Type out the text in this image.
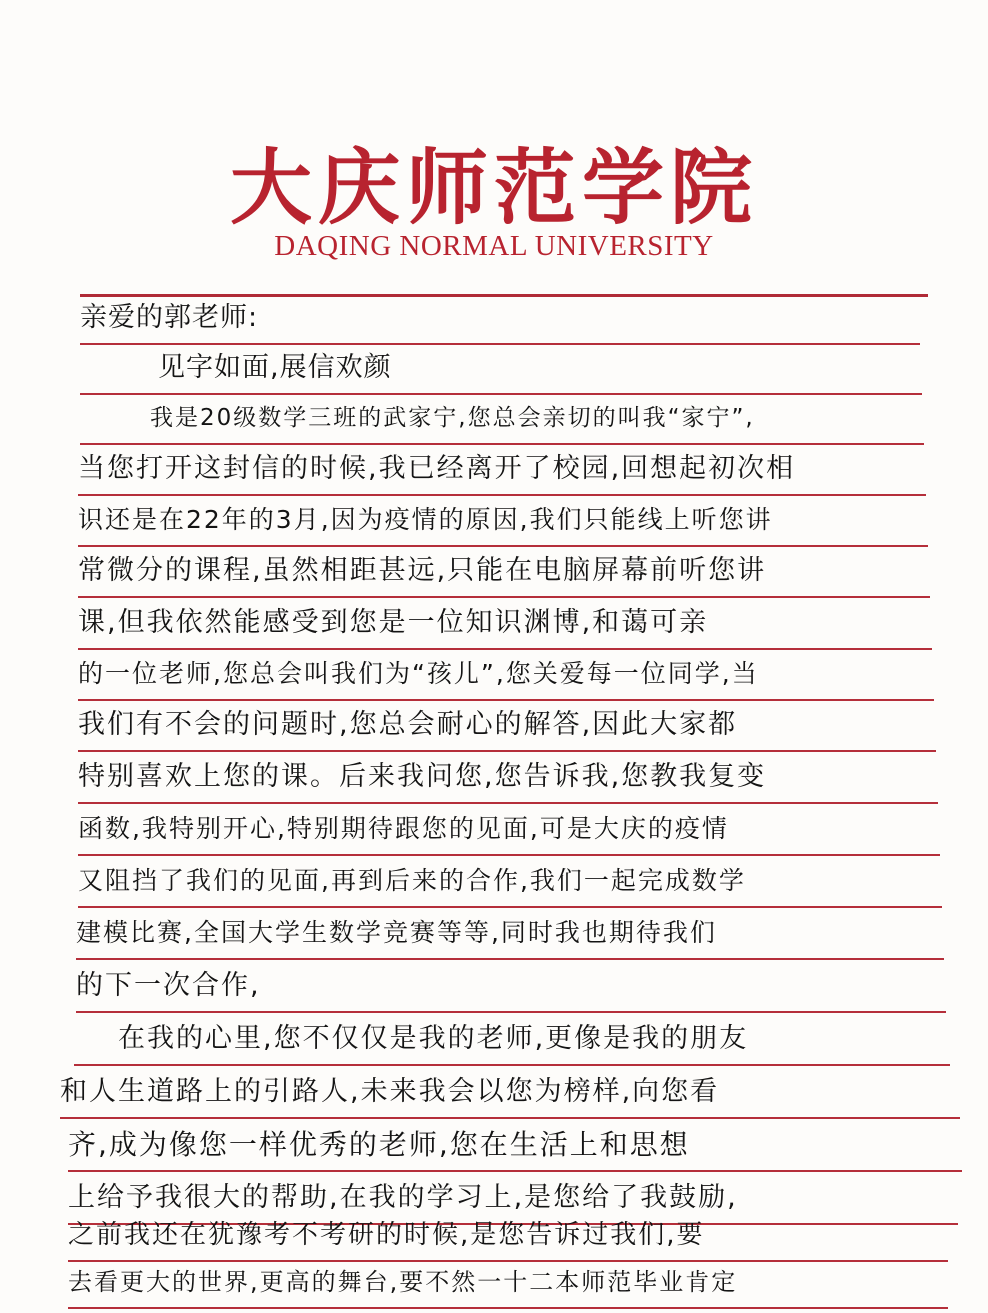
大庆师范学院
DAQING NORMAL UNIVERSITY
亲爱的郭老师:
见字如面,展信欢颜
我是20级数学三班的武家宁,您总会亲切的叫我“家宁”,
当您打开这封信的时候,我已经离开了校园,回想起初次相
识还是在22年的3月,因为疫情的原因,我们只能线上听您讲
常微分的课程,虽然相距甚远,只能在电脑屏幕前听您讲
课,但我依然能感受到您是一位知识渊博,和蔼可亲
的一位老师,您总会叫我们为“孩儿”,您关爱每一位同学,当
我们有不会的问题时,您总会耐心的解答,因此大家都
特别喜欢上您的课。后来我问您,您告诉我,您教我复变
函数,我特别开心,特别期待跟您的见面,可是大庆的疫情
又阻挡了我们的见面,再到后来的合作,我们一起完成数学
建模比赛,全国大学生数学竞赛等等,同时我也期待我们
的下一次合作,
在我的心里,您不仅仅是我的老师,更像是我的朋友
和人生道路上的引路人,未来我会以您为榜样,向您看
齐,成为像您一样优秀的老师,您在生活上和思想
上给予我很大的帮助,在我的学习上,是您给了我鼓励,
之前我还在犹豫考不考研的时候,是您告诉过我们,要
去看更大的世界,更高的舞台,要不然一十二本师范毕业肯定
